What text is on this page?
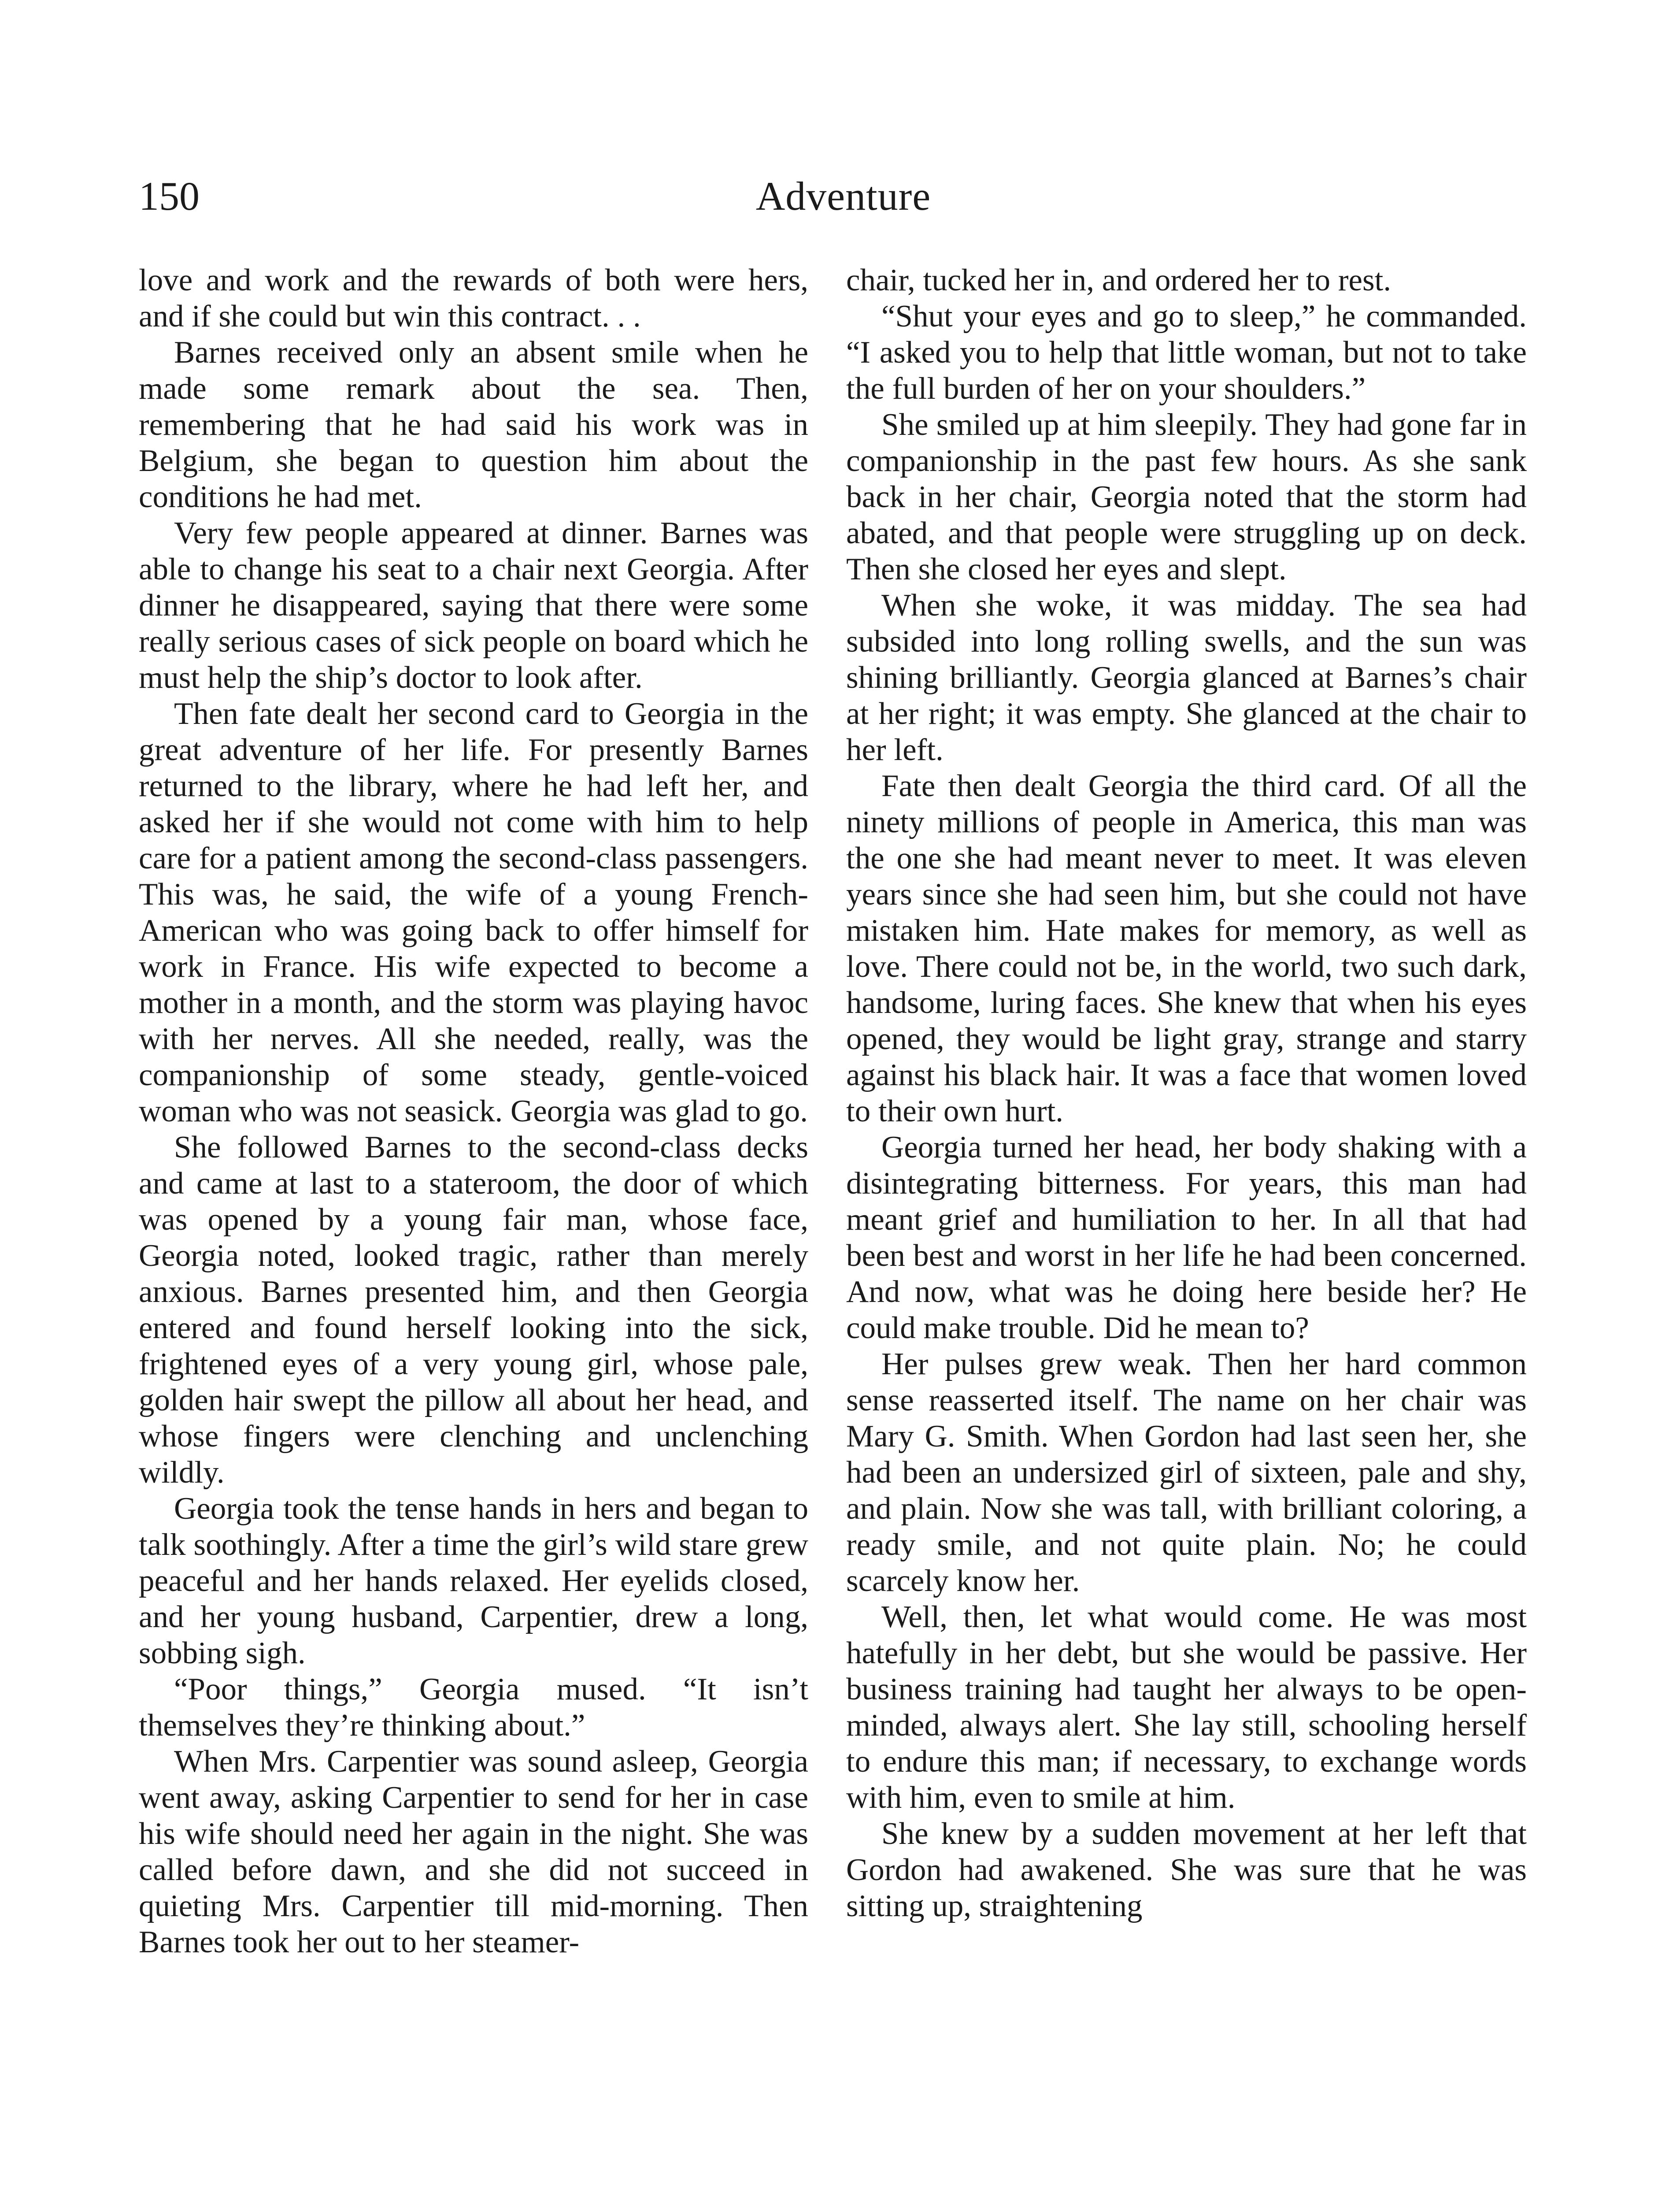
150	Adventure

love and work and the rewards of both were hers, and if she could but win this contract. . .

Barnes received only an absent smile when he made some remark about the sea. Then, remembering that he had said his work was in Belgium, she began to question him about the conditions he had met.

Very few people appeared at dinner. Barnes was able to change his seat to a chair next Georgia. After dinner he disappeared, saying that there were some really serious cases of sick people on board which he must help the ship’s doctor to look after.

Then fate dealt her second card to Georgia in the great adventure of her life. For presently Barnes returned to the library, where he had left her, and asked her if she would not come with him to help care for a patient among the second-class passengers. This was, he said, the wife of a young French-American who was going back to offer himself for work in France. His wife expected to become a mother in a month, and the storm was playing havoc with her nerves. All she needed, really, was the companionship of some steady, gentle-voiced woman who was not seasick. Georgia was glad to go.

She followed Barnes to the second-class decks and came at last to a stateroom, the door of which was opened by a young fair man, whose face, Georgia noted, looked tragic, rather than merely anxious. Barnes presented him, and then Georgia entered and found herself looking into the sick, frightened eyes of a very young girl, whose pale, golden hair swept the pillow all about her head, and whose fingers were clenching and unclenching wildly.

Georgia took the tense hands in hers and began to talk soothingly. After a time the girl’s wild stare grew peaceful and her hands relaxed. Her eyelids closed, and her young husband, Carpentier, drew a long, sobbing sigh.

“Poor things,” Georgia mused. “It isn’t themselves they’re thinking about.”

When Mrs. Carpentier was sound asleep, Georgia went away, asking Carpentier to send for her in case his wife should need her again in the night. She was called before dawn, and she did not succeed in quieting Mrs. Carpentier till mid-morning. Then Barnes took her out to her steamer-

chair, tucked her in, and ordered her to rest.

“Shut your eyes and go to sleep,” he commanded. “I asked you to help that little woman, but not to take the full burden of her on your shoulders.”

She smiled up at him sleepily. They had gone far in companionship in the past few hours. As she sank back in her chair, Georgia noted that the storm had abated, and that people were struggling up on deck. Then she closed her eyes and slept.

When she woke, it was midday. The sea had subsided into long rolling swells, and the sun was shining brilliantly. Georgia glanced at Barnes’s chair at her right; it was empty. She glanced at the chair to her left.

Fate then dealt Georgia the third card. Of all the ninety millions of people in America, this man was the one she had meant never to meet. It was eleven years since she had seen him, but she could not have mistaken him. Hate makes for memory, as well as love. There could not be, in the world, two such dark, handsome, luring faces. She knew that when his eyes opened, they would be light gray, strange and starry against his black hair. It was a face that women loved to their own hurt.

Georgia turned her head, her body shaking with a disintegrating bitterness. For years, this man had meant grief and humiliation to her. In all that had been best and worst in her life he had been concerned. And now, what was he doing here beside her? He could make trouble. Did he mean to?

Her pulses grew weak. Then her hard common sense reasserted itself. The name on her chair was Mary G. Smith. When Gordon had last seen her, she had been an undersized girl of sixteen, pale and shy, and plain. Now she was tall, with brilliant coloring, a ready smile, and not quite plain. No; he could scarcely know her.

Well, then, let what would come. He was most hatefully in her debt, but she would be passive. Her business training had taught her always to be open-minded, always alert. She lay still, schooling herself to endure this man; if necessary, to exchange words with him, even to smile at him.

She knew by a sudden movement at her left that Gordon had awakened. She was sure that he was sitting up, straightening
